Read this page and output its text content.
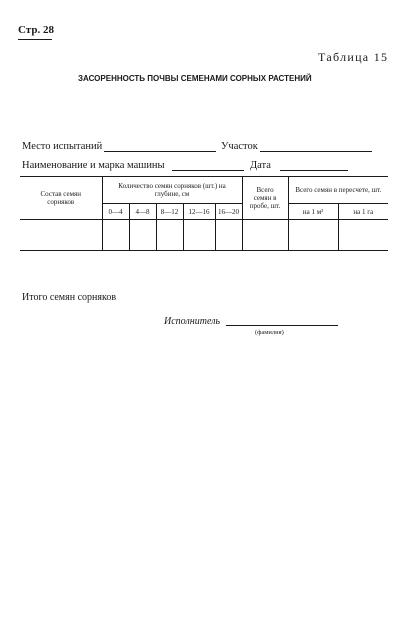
Стр. 28
Таблица 15
ЗАСОРЕННОСТЬ ПОЧВЫ СЕМЕНАМИ СОРНЫХ РАСТЕНИЙ
Место испытаний	Участок
Наименование и марка машины	Дата
Состав семян сорняков	Количество семян сорняков (шт.) на глубине, см					Всего семян в пробе, шт.	Всего семян в пересчете, шт.	
	0—4	4—8	8—12	12—16	16—20		на 1 м²	на 1 га

Итого семян сорняков
Исполнитель
(фамилия)
